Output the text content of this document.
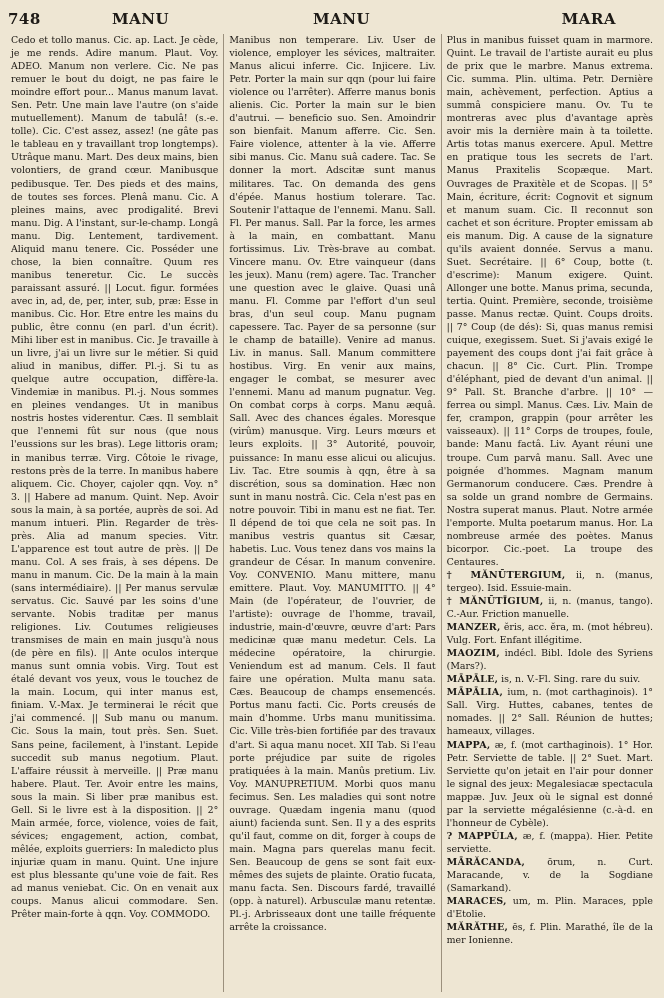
748	MANU	MANU	MARA

Cedo et tollo manus. Cic. ap. Lact. Je cède, je me rends. Adire manum. Plaut. Voy. ADEO. Manum non verlere. Cic. Ne pas remuer le bout du doigt, ne pas faire le moindre effort pour... Manus manum lavat. Sen. Petr. Une main lave l'autre (on s'aide mutuellement). Manum de tabulâ! (s.-e. tolle). Cic. C'est assez, assez! (ne gâte pas le tableau en y travaillant trop longtemps). Utrâque manu. Mart. Des deux mains, bien volontiers, de grand cœur. Manibusque pedibusque. Ter. Des pieds et des mains, de toutes ses forces. Plenâ manu. Cic. A pleines mains, avec prodigalité. Brevi manu. Dig. A l'instant, sur-le-champ. Longâ manu. Dig. Lentement, tardivement. Aliquid manu tenere. Cic. Posséder une chose, la bien connaître. Quum res manibus teneretur. Cic. Le succès paraissant assuré. || Locut. figur. formées avec in, ad, de, per, inter, sub, præ: Esse in manibus. Cic. Hor. Etre entre les mains du public, être connu (en parl. d'un écrit). Mihi liber est in manibus. Cic. Je travaille à un livre, j'ai un livre sur le métier. Si quid aliud in manibus, differ. Pl.-j. Si tu as quelque autre occupation, diffère-la. Vindemiæ in manibus. Pl.-j. Nous sommes en pleines vendanges. Ut in manibus nostris hostes viderentur. Cæs. Il semblait que l'ennemi fût sur nous (que nous l'eussions sur les bras). Lege littoris oram; in manibus terræ. Virg. Côtoie le rivage, restons près de la terre. In manibus habere aliquem. Cic. Choyer, cajoler qqn. Voy. n° 3. || Habere ad manum. Quint. Nep. Avoir sous la main, à sa portée, auprès de soi. Ad manum intueri. Plin. Regarder de très-près. Alia ad manum species. Vitr. L'apparence est tout autre de près. || De manu. Col. A ses frais, à ses dépens. De manu in manum. Cic. De la main à la main (sans intermédiaire). || Per manus servulæ servatus. Cic. Sauvé par les soins d'une servante. Nobis traditæ per manus religiones. Liv. Coutumes religieuses transmises de main en main jusqu'à nous (de père en fils). || Ante oculos interque manus sunt omnia vobis. Virg. Tout est étalé devant vos yeux, vous le touchez de la main. Locum, qui inter manus est, finiam. V.-Max. Je terminerai le récit que j'ai commencé. || Sub manu ou manum. Cic. Sous la main, tout près. Sen. Suet. Sans peine, facilement, à l'instant. Lepide succedit sub manus negotium. Plaut. L'affaire réussit à merveille. || Præ manu habere. Plaut. Ter. Avoir entre les mains, sous la main. Si liber præ manibus est. Gell. Si le livre est à la disposition. || 2° Main armée, force, violence, voies de fait, sévices; engagement, action, combat, mêlée, exploits guerriers: In maledicto plus injuriæ quam in manu. Quint. Une injure est plus blessante qu'une voie de fait. Res ad manus veniebat. Cic. On en venait aux coups. Manus alicui commodare. Sen. Prêter main-forte à qqn. Voy. COMMODO.

Manibus non temperare. Liv. User de violence, employer les sévices, maltraiter. Manus alicui inferre. Cic. Injicere. Liv. Petr. Porter la main sur qqn (pour lui faire violence ou l'arrêter). Afferre manus bonis alienis. Cic. Porter la main sur le bien d'autrui. — beneficio suo. Sen. Amoindrir son bienfait. Manum afferre. Cic. Sen. Faire violence, attenter à la vie. Afferre sibi manus. Cic. Manu suâ cadere. Tac. Se donner la mort. Adscitæ sunt manus militares. Tac. On demanda des gens d'épée. Manus hostium tolerare. Tac. Soutenir l'attaque de l'ennemi. Manu. Sall. Fl. Per manus. Sall. Par la force, les armes à la main, en combattant. Manu fortissimus. Liv. Très-brave au combat. Vincere manu. Ov. Etre vainqueur (dans les jeux). Manu (rem) agere. Tac. Trancher une question avec le glaive. Quasi unâ manu. Fl. Comme par l'effort d'un seul bras, d'un seul coup. Manu pugnam capessere. Tac. Payer de sa personne (sur le champ de bataille). Venire ad manus. Liv. in manus. Sall. Manum committere hostibus. Virg. En venir aux mains, engager le combat, se mesurer avec l'ennemi. Manu ad manum pugnatur. Veg. On combat corps à corps. Manu æquâ. Sall. Avec des chances égales. Moresque (virûm) manusque. Virg. Leurs mœurs et leurs exploits. || 3° Autorité, pouvoir, puissance: In manu esse alicui ou alicujus. Liv. Tac. Etre soumis à qqn, être à sa discrétion, sous sa domination. Hæc non sunt in manu nostrâ. Cic. Cela n'est pas en notre pouvoir. Tibi in manu est ne fiat. Ter. Il dépend de toi que cela ne soit pas. In manibus vestris quantus sit Cæsar, habetis. Luc. Vous tenez dans vos mains la grandeur de César. In manum convenire. Voy. CONVENIO. Manu mittere, manu emittere. Plaut. Voy. MANUMITTO. || 4° Main (de l'opérateur, de l'ouvrier, de l'artiste): ouvrage de l'homme, travail, industrie, main-d'œuvre, œuvre d'art: Pars medicinæ quæ manu medetur. Cels. La médecine opératoire, la chirurgie. Veniendum est ad manum. Cels. Il faut faire une opération. Multa manu sata. Cæs. Beaucoup de champs ensemencés. Portus manu facti. Cic. Ports creusés de main d'homme. Urbs manu munitissima. Cic. Ville très-bien fortifiée par des travaux d'art. Si aqua manu nocet. XII Tab. Si l'eau porte préjudice par suite de rigoles pratiquées à la main. Manûs pretium. Liv. Voy. MANUPRETIUM. Morbi quos manu fecimus. Sen. Les maladies qui sont notre ouvrage. Quædam ingenia manu (quod aiunt) facienda sunt. Sen. Il y a des esprits qu'il faut, comme on dit, forger à coups de main. Magna pars querelas manu fecit. Sen. Beaucoup de gens se sont fait eux-mêmes des sujets de plainte. Oratio fucata, manu facta. Sen. Discours fardé, travaillé (opp. à naturel). Arbusculæ manu retentæ. Pl.-j. Arbrisseaux dont une taille fréquente arrête la croissance.

Plus in manibus fuisset quam in marmore. Quint. Le travail de l'artiste aurait eu plus de prix que le marbre. Manus extrema. Cic. summa. Plin. ultima. Petr. Dernière main, achèvement, perfection. Aptius a summâ conspiciere manu. Ov. Tu te montreras avec plus d'avantage après avoir mis la dernière main à ta toilette. Artis totas manus exercere. Apul. Mettre en pratique tous les secrets de l'art. Manus Praxitelis Scopæque. Mart. Ouvrages de Praxitèle et de Scopas. || 5° Main, écriture, écrit: Cognovit et signum et manum suam. Cic. Il reconnut son cachet et son écriture. Propter emissam ab eis manum. Dig. A cause de la signature qu'ils avaient donnée. Servus a manu. Suet. Secrétaire. || 6° Coup, botte (t. d'escrime): Manum exigere. Quint. Allonger une botte. Manus prima, secunda, tertia. Quint. Première, seconde, troisième passe. Manus rectæ. Quint. Coups droits. || 7° Coup (de dés): Si, quas manus remisi cuique, exegissem. Suet. Si j'avais exigé le payement des coups dont j'ai fait grâce à chacun. || 8° Cic. Curt. Plin. Trompe d'éléphant, pied de devant d'un animal. || 9° Pall. St. Branche d'arbre. || 10° — ferrea ou simpl. Manus. Cæs. Liv. Main de fer, crampon, grappin (pour arrêter les vaisseaux). || 11° Corps de troupes, foule, bande: Manu factâ. Liv. Ayant réuni une troupe. Cum parvâ manu. Sall. Avec une poignée d'hommes. Magnam manum Germanorum conducere. Cæs. Prendre à sa solde un grand nombre de Germains. Nostra superat manus. Plaut. Notre armée l'emporte. Multa poetarum manus. Hor. La nombreuse armée des poètes. Manus bicorpor. Cic.-poet. La troupe des Centaures.

† MĂNŪTERGIUM, ii, n. (manus, tergeo). Isid. Essuie-main.

† MĂNŪTĪGIUM, ii, n. (manus, tango). C.-Aur. Friction manuelle.

MANZER, ĕris, acc. ĕra, m. (mot hébreu). Vulg. Fort. Enfant illégitime.

MAOZIM, indécl. Bibl. Idole des Syriens (Mars?).

MĀPĀLE, is, n. V.-Fl. Sing. rare du suiv.

MĀPĀLIA, ium, n. (mot carthaginois). 1° Sall. Virg. Huttes, cabanes, tentes de nomades. || 2° Sall. Réunion de huttes; hameaux, villages.

MAPPA, æ, f. (mot carthaginois). 1° Hor. Petr. Serviette de table. || 2° Suet. Mart. Serviette qu'on jetait en l'air pour donner le signal des jeux: Megalesiacæ spectacula mappæ. Juv. Jeux où le signal est donné par la serviette mégalésienne (c.-à-d. en l'honneur de Cybèle).

? MAPPŬLA, æ, f. (mappa). Hier. Petite serviette.

MĀRĂCANDA, ōrum, n. Curt. Maracande, v. de la Sogdiane (Samarkand).

MARACES, um, m. Plin. Maraces, pple d'Etolie.

MĂRĂTHE, ēs, f. Plin. Marathé, île de la mer Ionienne.
